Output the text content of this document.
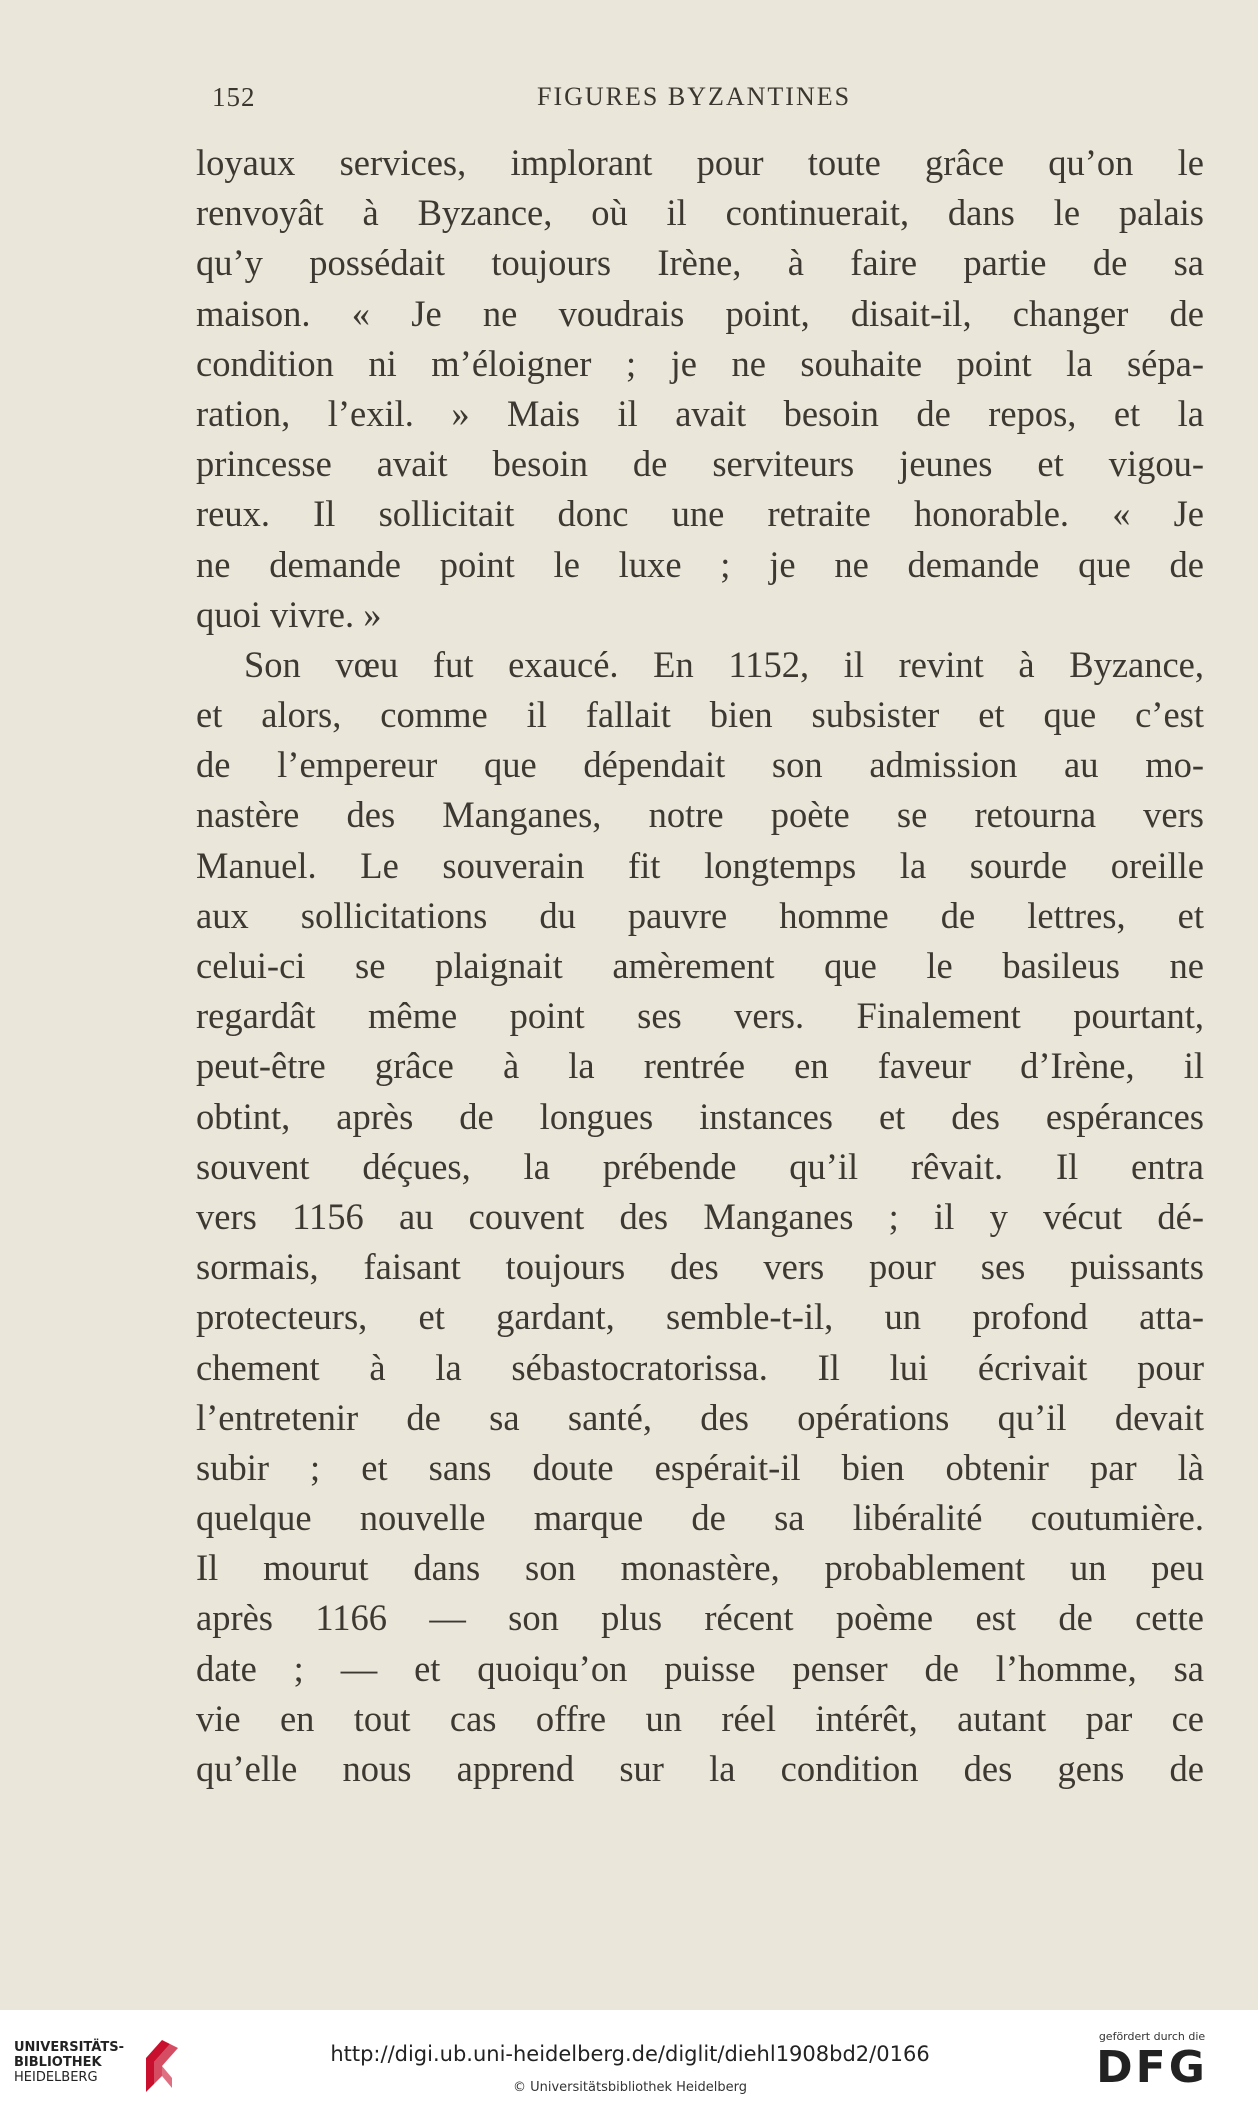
152	FIGURES BYZANTINES
loyaux services, implorant pour toute grâce qu’on le
renvoyât à Byzance, où il continuerait, dans le palais
qu’y possédait toujours Irène, à faire partie de sa
maison. « Je ne voudrais point, disait-il, changer de
condition ni m’éloigner ; je ne souhaite point la sépa-
ration, l’exil. » Mais il avait besoin de repos, et la
princesse avait besoin de serviteurs jeunes et vigou-
reux. Il sollicitait donc une retraite honorable. « Je
ne demande point le luxe ; je ne demande que de
quoi vivre. »
Son vœu fut exaucé. En 1152, il revint à Byzance,
et alors, comme il fallait bien subsister et que c’est
de l’empereur que dépendait son admission au mo-
nastère des Manganes, notre poète se retourna vers
Manuel. Le souverain fit longtemps la sourde oreille
aux sollicitations du pauvre homme de lettres, et
celui-ci se plaignait amèrement que le basileus ne
regardât même point ses vers. Finalement pourtant,
peut-être grâce à la rentrée en faveur d’Irène, il
obtint, après de longues instances et des espérances
souvent déçues, la prébende qu’il rêvait. Il entra
vers 1156 au couvent des Manganes ; il y vécut dé-
sormais, faisant toujours des vers pour ses puissants
protecteurs, et gardant, semble-t-il, un profond atta-
chement à la sébastocratorissa. Il lui écrivait pour
l’entretenir de sa santé, des opérations qu’il devait
subir ; et sans doute espérait-il bien obtenir par là
quelque nouvelle marque de sa libéralité coutumière.
Il mourut dans son monastère, probablement un peu
après 1166 — son plus récent poème est de cette
date ; — et quoiqu’on puisse penser de l’homme, sa
vie en tout cas offre un réel intérêt, autant par ce
qu’elle nous apprend sur la condition des gens de
UNIVERSITÄTS-
BIBLIOTHEK
HEIDELBERG
http://digi.ub.uni-heidelberg.de/diglit/diehl1908bd2/0166
© Universitätsbibliothek Heidelberg
gefördert durch die
DFG
